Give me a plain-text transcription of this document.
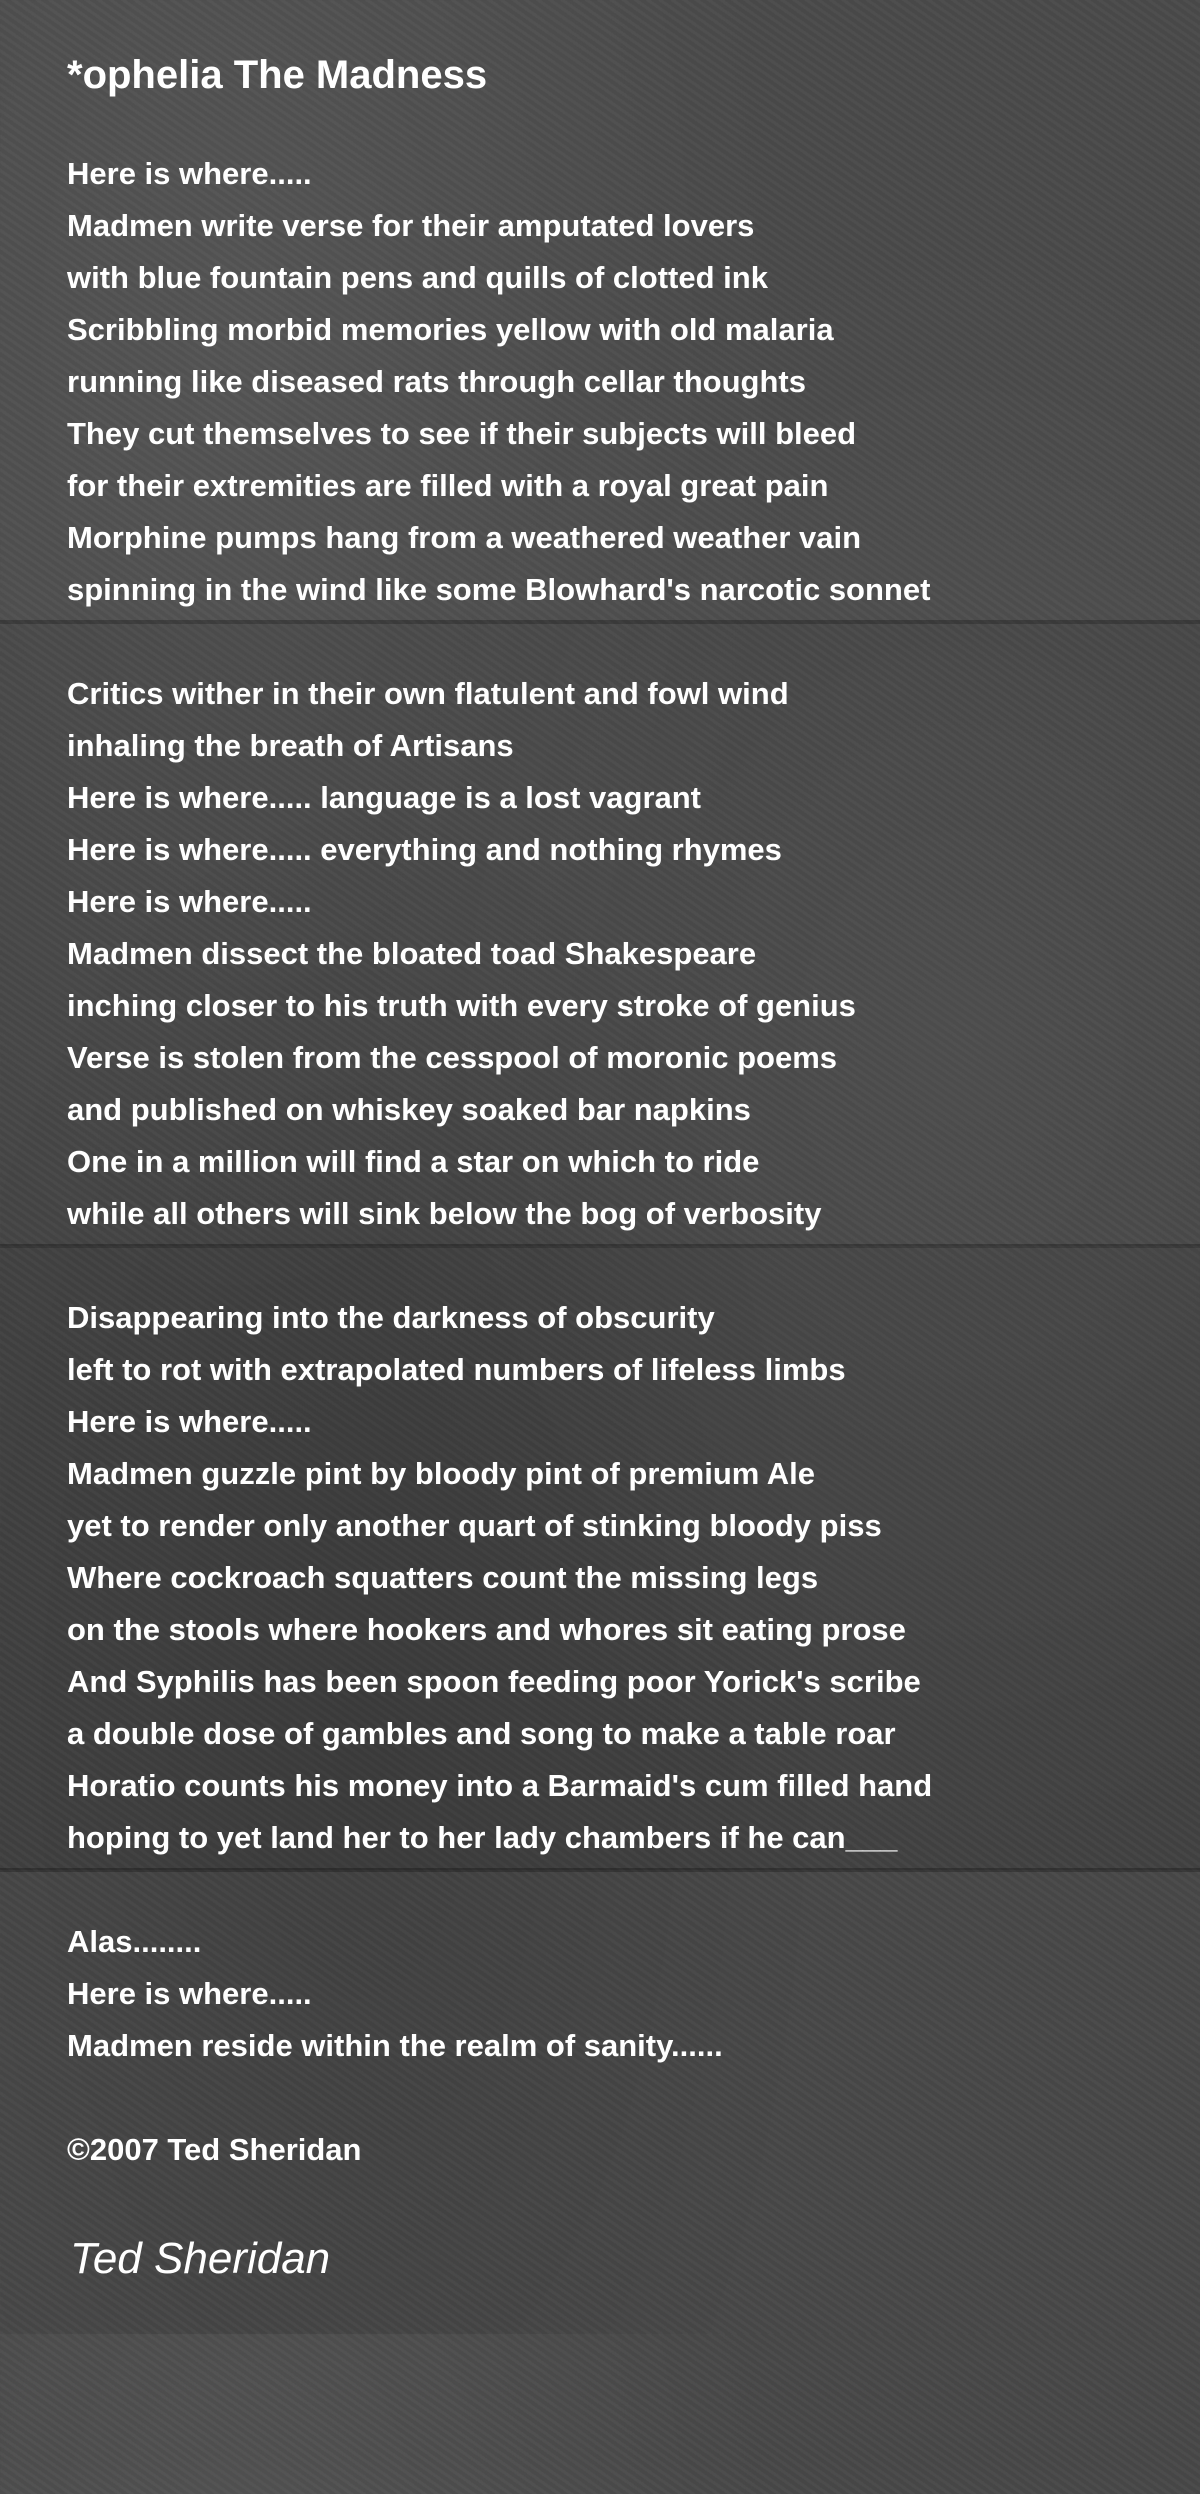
*ophelia The Madness
Here is where.....
Madmen write verse for their amputated lovers
with blue fountain pens and quills of clotted ink
Scribbling morbid memories yellow with old malaria
running like diseased rats through cellar thoughts
They cut themselves to see if their subjects will bleed
for their extremities are filled with a royal great pain
Morphine pumps hang from a weathered weather vain
spinning in the wind like some Blowhard's narcotic sonnet
Critics wither in their own flatulent and fowl wind
inhaling the breath of Artisans
Here is where..... language is a lost vagrant
Here is where..... everything and nothing rhymes
Here is where.....
Madmen dissect the bloated toad Shakespeare
inching closer to his truth with every stroke of genius
Verse is stolen from the cesspool of moronic poems
and published on whiskey soaked bar napkins
One in a million will find a star on which to ride
while all others will sink below the bog of verbosity
Disappearing into the darkness of obscurity
left to rot with extrapolated numbers of lifeless limbs
Here is where.....
Madmen guzzle pint by bloody pint of premium Ale
yet to render only another quart of stinking bloody piss
Where cockroach squatters count the missing legs
on the stools where hookers and whores sit eating prose
And Syphilis has been spoon feeding poor Yorick's scribe
a double dose of gambles and song to make a table roar
Horatio counts his money into a Barmaid's cum filled hand
hoping to yet land her to her lady chambers if he can___
Alas........
Here is where.....
Madmen reside within the realm of sanity......
©2007 Ted Sheridan
Ted Sheridan
